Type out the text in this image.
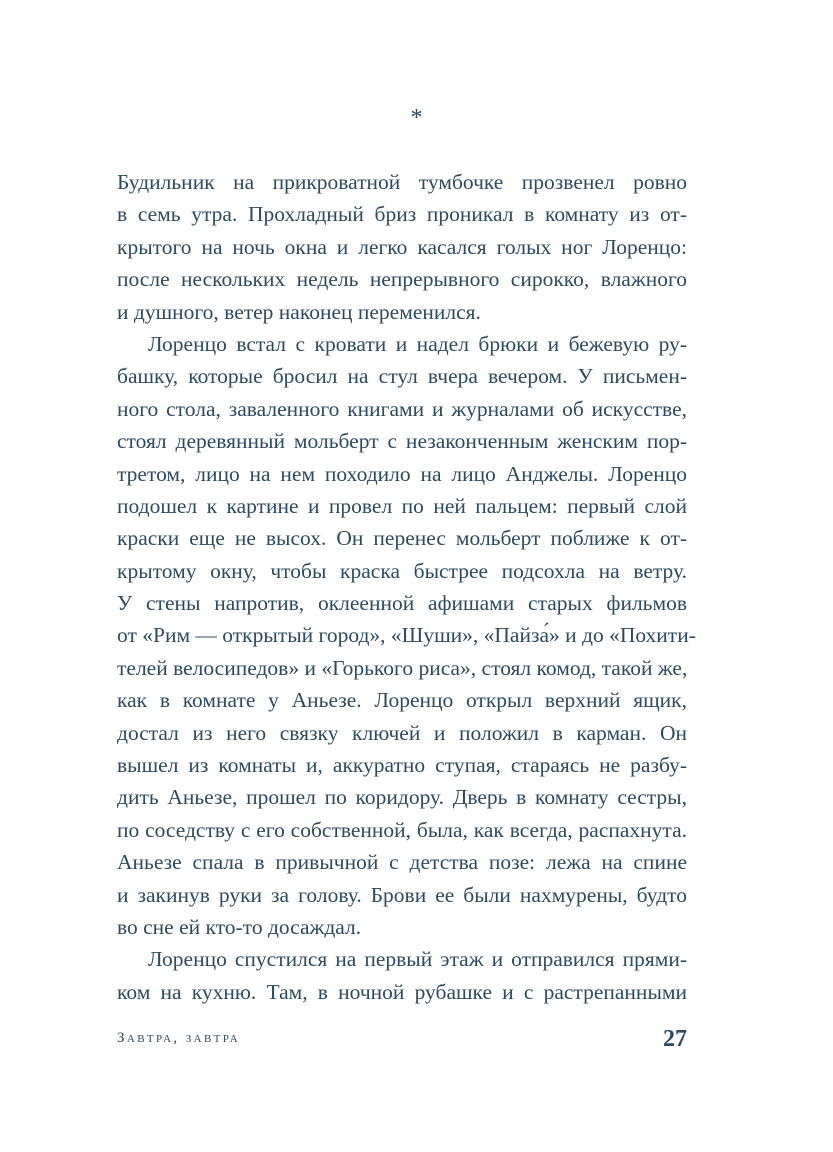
*
Будильник на прикроватной тумбочке прозвенел ровно
в семь утра. Прохладный бриз проникал в комнату из от-
крытого на ночь окна и легко касался голых ног Лоренцо:
после нескольких недель непрерывного сирокко, влажного
и душного, ветер наконец переменился.
Лоренцо встал с кровати и надел брюки и бежевую ру-
башку, которые бросил на стул вчера вечером. У письмен-
ного стола, заваленного книгами и журналами об искусстве,
стоял деревянный мольберт с незаконченным женским пор-
третом, лицо на нем походило на лицо Анджелы. Лоренцо
подошел к картине и провел по ней пальцем: первый слой
краски еще не высох. Он перенес мольберт поближе к от-
крытому окну, чтобы краска быстрее подсохла на ветру.
У стены напротив, оклеенной афишами старых фильмов
от «Рим — открытый город», «Шуши», «Пайза́» и до «Похити-
телей велосипедов» и «Горького риса», стоял комод, такой же,
как в комнате у Аньезе. Лоренцо открыл верхний ящик,
достал из него связку ключей и положил в карман. Он
вышел из комнаты и, аккуратно ступая, стараясь не разбу-
дить Аньезе, прошел по коридору. Дверь в комнату сестры,
по соседству с его собственной, была, как всегда, распахнута.
Аньезе спала в привычной с детства позе: лежа на спине
и закинув руки за голову. Брови ее были нахмурены, будто
во сне ей кто-то досаждал.
Лоренцо спустился на первый этаж и отправился прями-
ком на кухню. Там, в ночной рубашке и с растрепанными
Завтра, завтра	27
